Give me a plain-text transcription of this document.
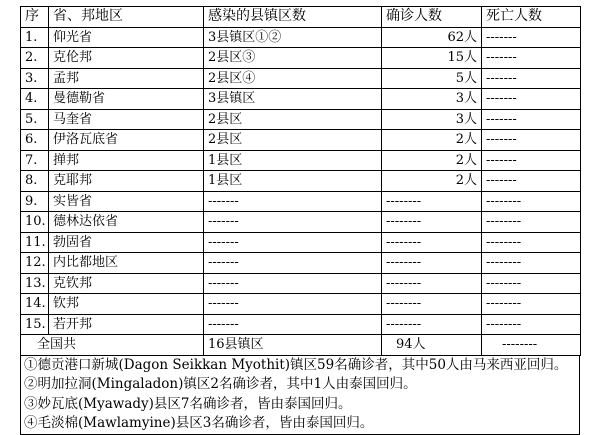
序	省、邦地区	感染的县镇区数	确诊人数	死亡人数
1.	仰光省	3县镇区①②	62人	-------
2.	克伦邦	2县区③	15人	-------
3.	孟邦	2县区④	5人	-------
4.	曼德勒省	3县镇区	3人	-------
5.	马奎省	2县区	3人	-------
6.	伊洛瓦底省	2县区	2人	-------
7.	掸邦	1县区	2人	-------
8.	克耶邦	1县区	2人	-------
9.	实皆省	-------	--------	--------
10.	德林达依省	-------	--------	--------
11.	勃固省	-------	--------	--------
12.	内比都地区	-------	--------	--------
13.	克钦邦	-------	--------	--------
14.	钦邦	-------	--------	--------
15.	若开邦	-------	--------	--------
全国共		16县镇区	94人	--------
①德贡港口新城(Dagon Seikkan Myothit)镇区59名确诊者，其中50人由马来西亚回归。
②明加拉洞(Mingaladon)镇区2名确诊者，其中1人由泰国回归。
③妙瓦底(Myawady)县区7名确诊者，皆由泰国回归。
④毛淡棉(Mawlamyine)县区3名确诊者，皆由泰国回归。
